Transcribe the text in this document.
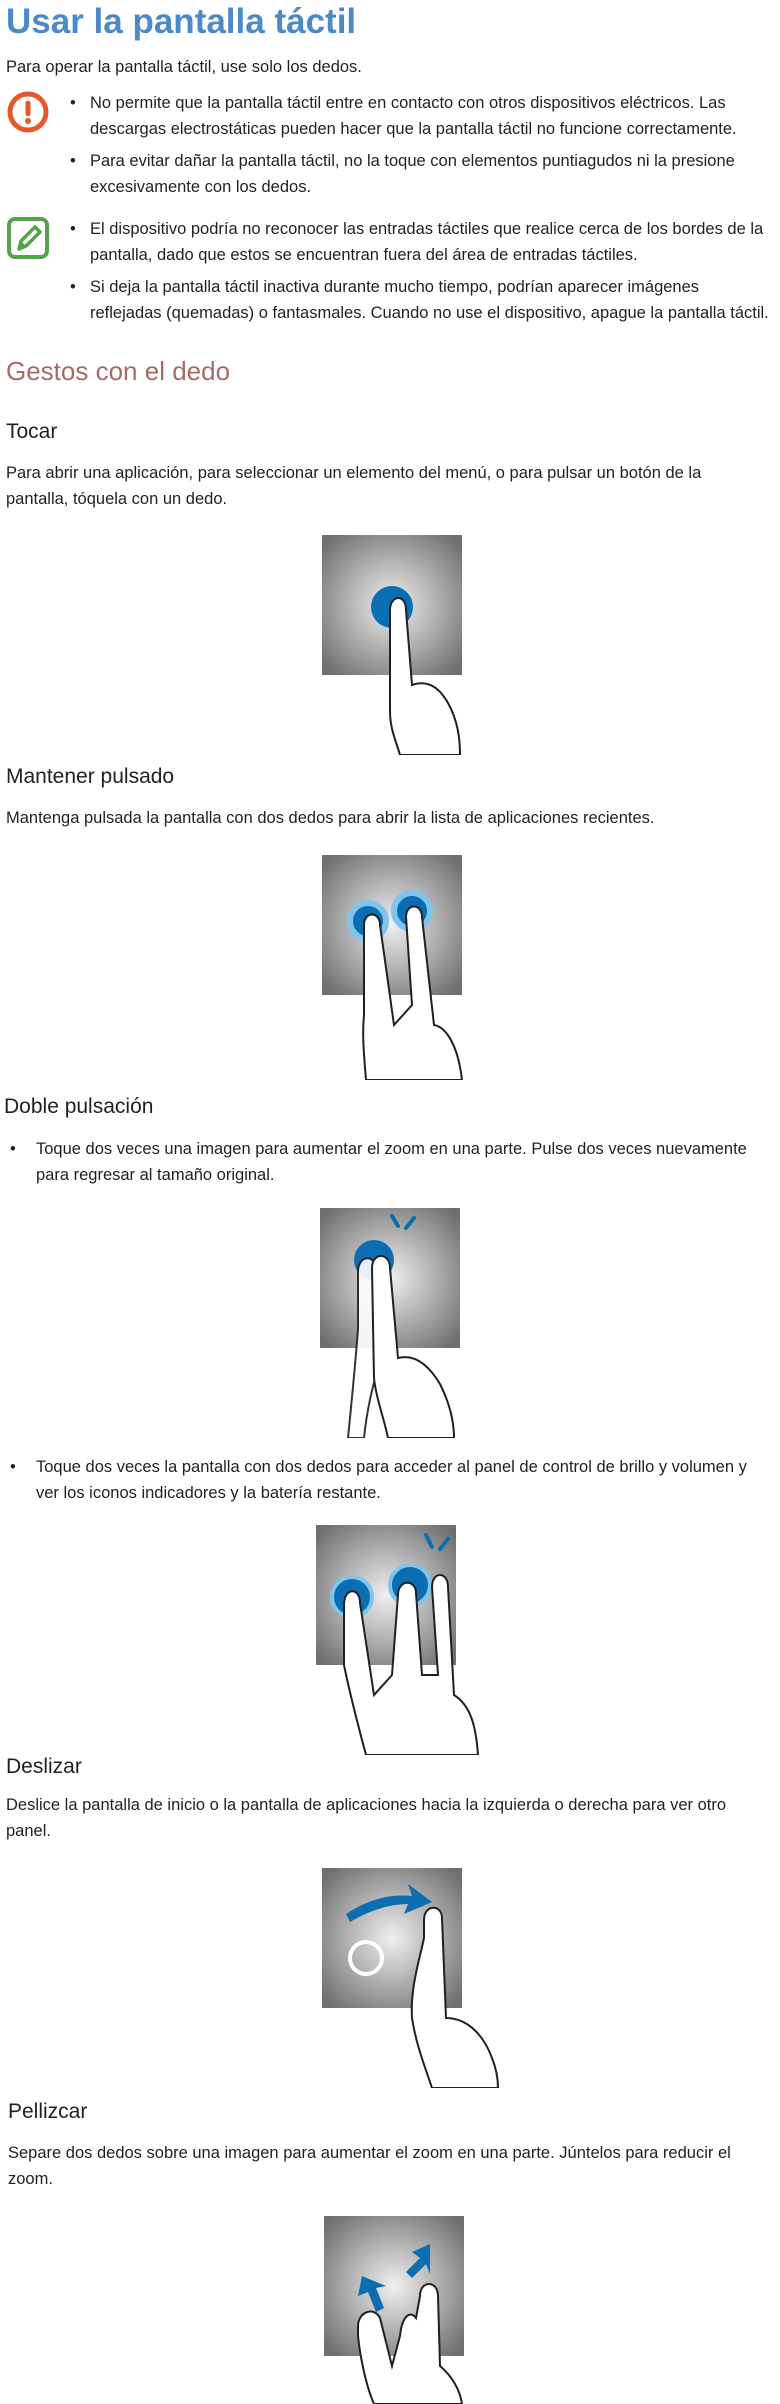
Usar la pantalla táctil

Para operar la pantalla táctil, use solo los dedos.

• No permite que la pantalla táctil entre en contacto con otros dispositivos eléctricos. Las descargas electrostáticas pueden hacer que la pantalla táctil no funcione correctamente.
• Para evitar dañar la pantalla táctil, no la toque con elementos puntiagudos ni la presione excesivamente con los dedos.
• El dispositivo podría no reconocer las entradas táctiles que realice cerca de los bordes de la pantalla, dado que estos se encuentran fuera del área de entradas táctiles.
• Si deja la pantalla táctil inactiva durante mucho tiempo, podrían aparecer imágenes reflejadas (quemadas) o fantasmales. Cuando no use el dispositivo, apague la pantalla táctil.
Gestos con el dedo
Tocar

Para abrir una aplicación, para seleccionar un elemento del menú, o para pulsar un botón de la pantalla, tóquela con un dedo.

Mantener pulsado

Mantenga pulsada la pantalla con dos dedos para abrir la lista de aplicaciones recientes.

Doble pulsación
• Toque dos veces una imagen para aumentar el zoom en una parte. Pulse dos veces nuevamente para regresar al tamaño original.
• Toque dos veces la pantalla con dos dedos para acceder al panel de control de brillo y volumen y ver los iconos indicadores y la batería restante.
Deslizar

Deslice la pantalla de inicio o la pantalla de aplicaciones hacia la izquierda o derecha para ver otro panel.

Pellizcar

Separe dos dedos sobre una imagen para aumentar el zoom en una parte. Júntelos para reducir el zoom.
